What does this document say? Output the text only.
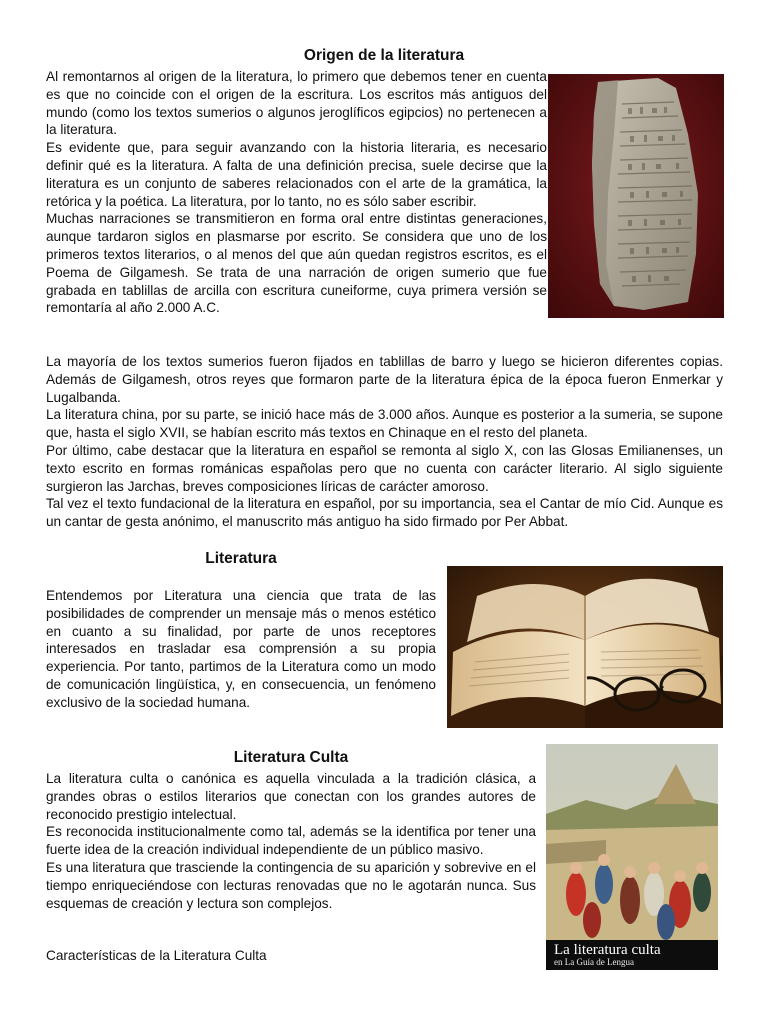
Origen de la literatura

Al remontarnos al origen de la literatura, lo primero que debemos tener en cuenta es que no coincide con el origen de la escritura. Los escritos más antiguos del mundo (como los textos sumerios o algunos jeroglíficos egipcios) no pertenecen a la literatura.

Es evidente que, para seguir avanzando con la historia literaria, es necesario definir qué es la literatura. A falta de una definición precisa, suele decirse que la literatura es un conjunto de saberes relacionados con el arte de la gramática, la retórica y la poética. La literatura, por lo tanto, no es sólo saber escribir.

Muchas narraciones se transmitieron en forma oral entre distintas generaciones, aunque tardaron siglos en plasmarse por escrito. Se considera que uno de los primeros textos literarios, o al menos del que aún quedan registros escritos, es el Poema de Gilgamesh. Se trata de una narración de origen sumerio que fue grabada en tablillas de arcilla con escritura cuneiforme, cuya primera versión se remontaría al año 2.000 A.C.

La mayoría de los textos sumerios fueron fijados en tablillas de barro y luego se hicieron diferentes copias. Además de Gilgamesh, otros reyes que formaron parte de la literatura épica de la época fueron Enmerkar y Lugalbanda.

La literatura china, por su parte, se inició hace más de 3.000 años. Aunque es posterior a la sumeria, se supone que, hasta el siglo XVII, se habían escrito más textos en Chinaque en el resto del planeta.

Por último, cabe destacar que la literatura en español se remonta al siglo X, con las Glosas Emilianenses, un texto escrito en formas románicas españolas pero que no cuenta con carácter literario. Al siglo siguiente surgieron las Jarchas, breves composiciones líricas de carácter amoroso.

Tal vez el texto fundacional de la literatura en español, por su importancia, sea el Cantar de mío Cid. Aunque es un cantar de gesta anónimo, el manuscrito más antiguo ha sido firmado por Per Abbat.

Literatura

Entendemos por Literatura una ciencia que trata de las posibilidades de comprender un mensaje más o menos estético en cuanto a su finalidad, por parte de unos receptores interesados en trasladar esa comprensión a su propia experiencia. Por tanto, partimos de la Literatura como un modo de comunicación lingüística, y, en consecuencia, un fenómeno exclusivo de la sociedad humana.

Literatura Culta

La literatura culta o canónica es aquella vinculada a la tradición clásica, a grandes obras o estilos literarios que conectan con los grandes autores de reconocido prestigio intelectual.

Es reconocida institucionalmente como tal, además se la identifica por tener una fuerte idea de la creación individual independiente de un público masivo.

Es una literatura que trasciende la contingencia de su aparición y sobrevive en el tiempo enriqueciéndose con lecturas renovadas que no le agotarán nunca. Sus esquemas de creación y lectura son complejos.

Características de la Literatura Culta	La literatura culta
en La Guía de Lengua
